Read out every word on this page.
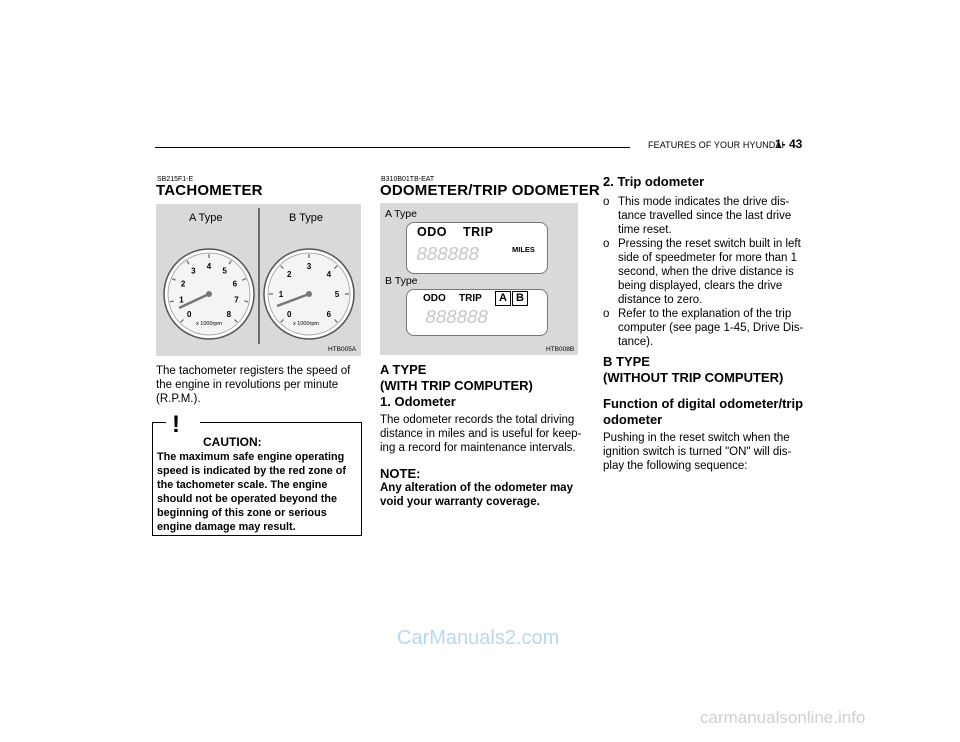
FEATURES OF YOUR HYUNDAI
1- 43
SB215F1-E
TACHOMETER
0
1
2
3
4
5
6
7
8	0
1
2
3
4
5
6
A Type	B Type
x 1000rpm	x 1000rpm
HTB005A
The tachometer registers the speed of
the engine in revolutions per minute
(R.P.M.).
!
CAUTION:
The maximum safe engine operating
speed is indicated by the red zone of
the tachometer scale. The engine
should not be operated beyond the
beginning of this zone or serious
engine damage may result.
B310B01TB-EAT
ODOMETER/TRIP ODOMETER
A Type
ODO TRIP
888888	MILES
B Type
ODO TRIP	A B
888888
HTB008B
A TYPE
(WITH TRIP COMPUTER)
1. Odometer
The odometer records the total driving
distance in miles and is useful for keep-
ing a record for maintenance intervals.
NOTE:
Any alteration of the odometer may
void your warranty coverage.
2. Trip odometer
o This mode indicates the drive dis-
tance travelled since the last drive
time reset.
o Pressing the reset switch built in left
side of speedmeter for more than 1
second, when the drive distance is
being displayed, clears the drive
distance to zero.
o Refer to the explanation of the trip
computer (see page 1-45, Drive Dis-
tance).
B TYPE
(WITHOUT TRIP COMPUTER)
Function of digital odometer/trip
odometer
Pushing in the reset switch when the
ignition switch is turned "ON" will dis-
play the following sequence:
CarManuals2.com
carmanualsonline.info
